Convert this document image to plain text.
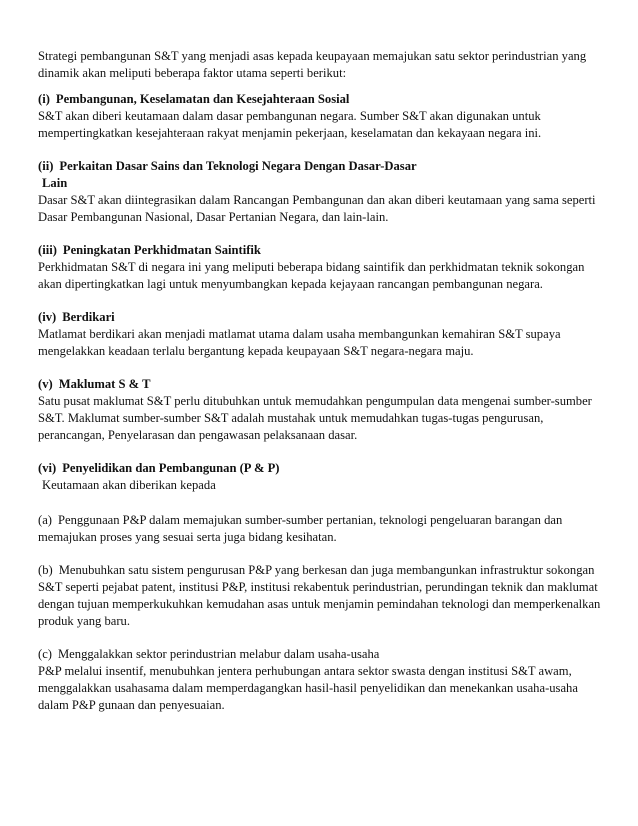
Strategi pembangunan S&T yang menjadi asas kepada keupayaan memajukan satu sektor perindustrian yang dinamik akan meliputi beberapa faktor utama seperti berikut:

(i) Pembangunan, Keselamatan dan Kesejahteraan Sosial

S&T akan diberi keutamaan dalam dasar pembangunan negara. Sumber S&T akan digunakan untuk mempertingkatkan kesejahteraan rakyat menjamin pekerjaan, keselamatan dan kekayaan negara ini.

(ii) Perkaitan Dasar Sains dan Teknologi Negara Dengan Dasar-Dasar

Lain

Dasar S&T akan diintegrasikan dalam Rancangan Pembangunan dan akan diberi keutamaan yang sama seperti Dasar Pembangunan Nasional, Dasar Pertanian Negara, dan lain-lain.

(iii) Peningkatan Perkhidmatan Saintifik

Perkhidmatan S&T di negara ini yang meliputi beberapa bidang saintifik dan perkhidmatan teknik sokongan akan dipertingkatkan lagi untuk menyumbangkan kepada kejayaan rancangan pembangunan negara.

(iv) Berdikari

Matlamat berdikari akan menjadi matlamat utama dalam usaha membangunkan kemahiran S&T supaya mengelakkan keadaan terlalu bergantung kepada keupayaan S&T negara-negara maju.

(v) Maklumat S & T

Satu pusat maklumat S&T perlu ditubuhkan untuk memudahkan pengumpulan data mengenai sumber-sumber S&T. Maklumat sumber-sumber S&T adalah mustahak untuk memudahkan tugas-tugas pengurusan, perancangan, Penyelarasan dan pengawasan pelaksanaan dasar.

(vi) Penyelidikan dan Pembangunan (P & P)

Keutamaan akan diberikan kepada

(a) Penggunaan P&P dalam memajukan sumber-sumber pertanian, teknologi pengeluaran barangan dan

memajukan proses yang sesuai serta juga bidang kesihatan.

(b) Menubuhkan satu sistem pengurusan P&P yang berkesan dan juga membangunkan infrastruktur sokongan

S&T seperti pejabat patent, institusi P&P, institusi rekabentuk perindustrian, perundingan teknik dan maklumat dengan tujuan memperkukuhkan kemudahan asas untuk menjamin pemindahan teknologi dan memperkenalkan produk yang baru.

(c) Menggalakkan sektor perindustrian melabur dalam usaha-usaha

P&P melalui insentif, menubuhkan jentera perhubungan antara sektor swasta dengan institusi S&T awam, menggalakkan usahasama dalam memperdagangkan hasil-hasil penyelidikan dan menekankan usaha-usaha dalam P&P gunaan dan penyesuaian.
